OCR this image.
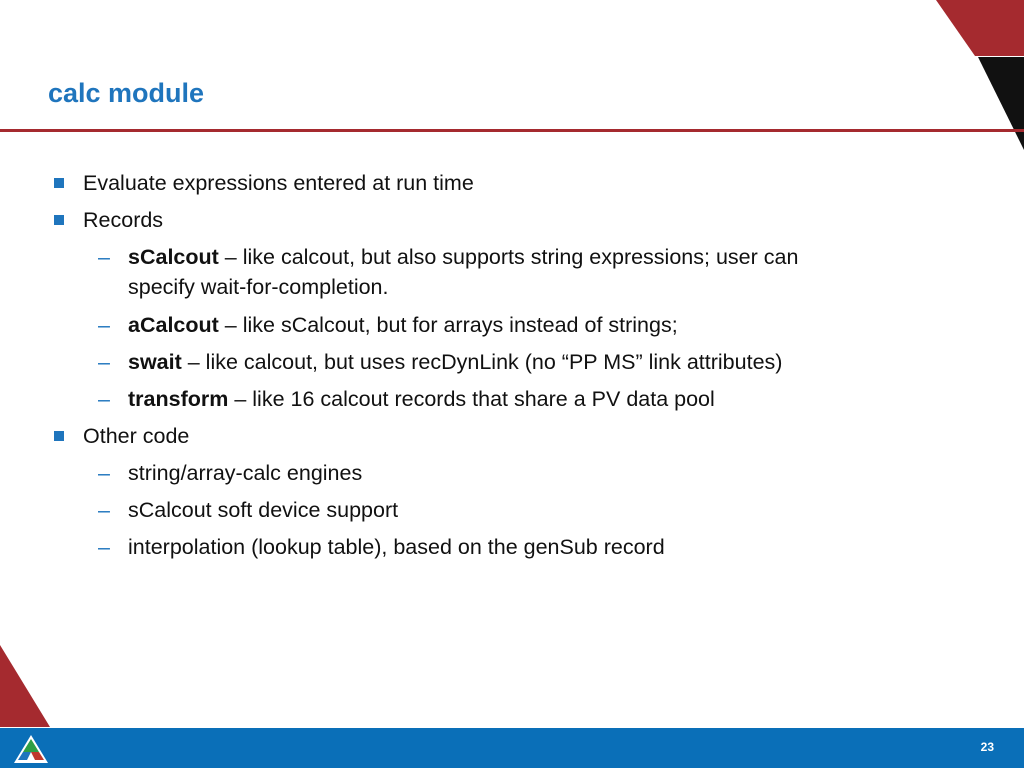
calc module
Evaluate expressions entered at run time
Records
– sCalcout – like calcout, but also supports string expressions; user can
specify wait-for-completion.
– aCalcout – like sCalcout, but for arrays instead of strings;
– swait – like calcout, but uses recDynLink (no “PP MS” link attributes)
– transform – like 16 calcout records that share a PV data pool
Other code
– string/array-calc engines
– sCalcout soft device support
– interpolation (lookup table), based on the genSub record
23
